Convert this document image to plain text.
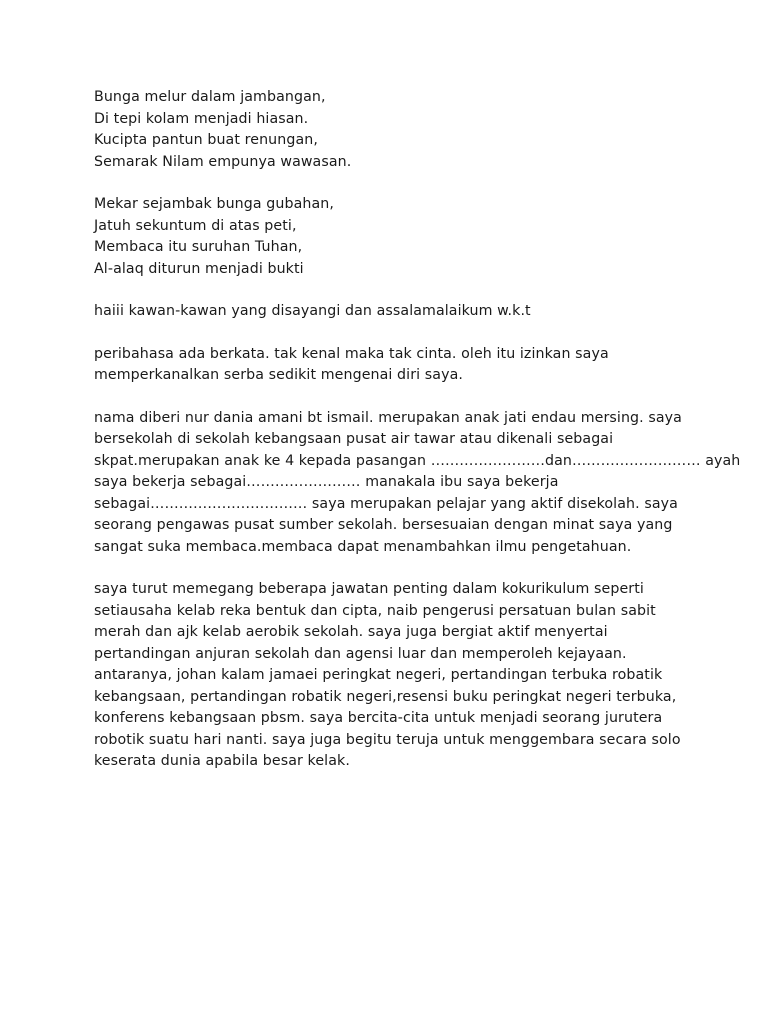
Bunga melur dalam jambangan,
Di tepi kolam menjadi hiasan.
Kucipta pantun buat renungan,
Semarak Nilam empunya wawasan.
Mekar sejambak bunga gubahan,
Jatuh sekuntum di atas peti,
Membaca itu suruhan Tuhan,
Al-alaq diturun menjadi bukti
haiii kawan-kawan yang disayangi dan assalamalaikum w.k.t
peribahasa ada berkata. tak kenal maka tak cinta. oleh itu izinkan saya
memperkanalkan serba sedikit mengenai diri saya.
nama diberi nur dania amani bt ismail. merupakan anak jati endau mersing. saya
bersekolah di sekolah kebangsaan pusat air tawar atau dikenali sebagai
skpat.merupakan anak ke 4 kepada pasangan ……………………dan……………………… ayah
saya bekerja sebagai…………………… manakala ibu saya bekerja
sebagai…………………………… saya merupakan pelajar yang aktif disekolah. saya
seorang pengawas pusat sumber sekolah. bersesuaian dengan minat saya yang
sangat suka membaca.membaca dapat menambahkan ilmu pengetahuan.
saya turut memegang beberapa jawatan penting dalam kokurikulum seperti
setiausaha kelab reka bentuk dan cipta, naib pengerusi persatuan bulan sabit
merah dan ajk kelab aerobik sekolah. saya juga bergiat aktif menyertai
pertandingan anjuran sekolah dan agensi luar dan memperoleh kejayaan.
antaranya, johan kalam jamaei peringkat negeri, pertandingan terbuka robatik
kebangsaan, pertandingan robatik negeri,resensi buku peringkat negeri terbuka,
konferens kebangsaan pbsm. saya bercita-cita untuk menjadi seorang jurutera
robotik suatu hari nanti. saya juga begitu teruja untuk menggembara secara solo
keserata dunia apabila besar kelak.
